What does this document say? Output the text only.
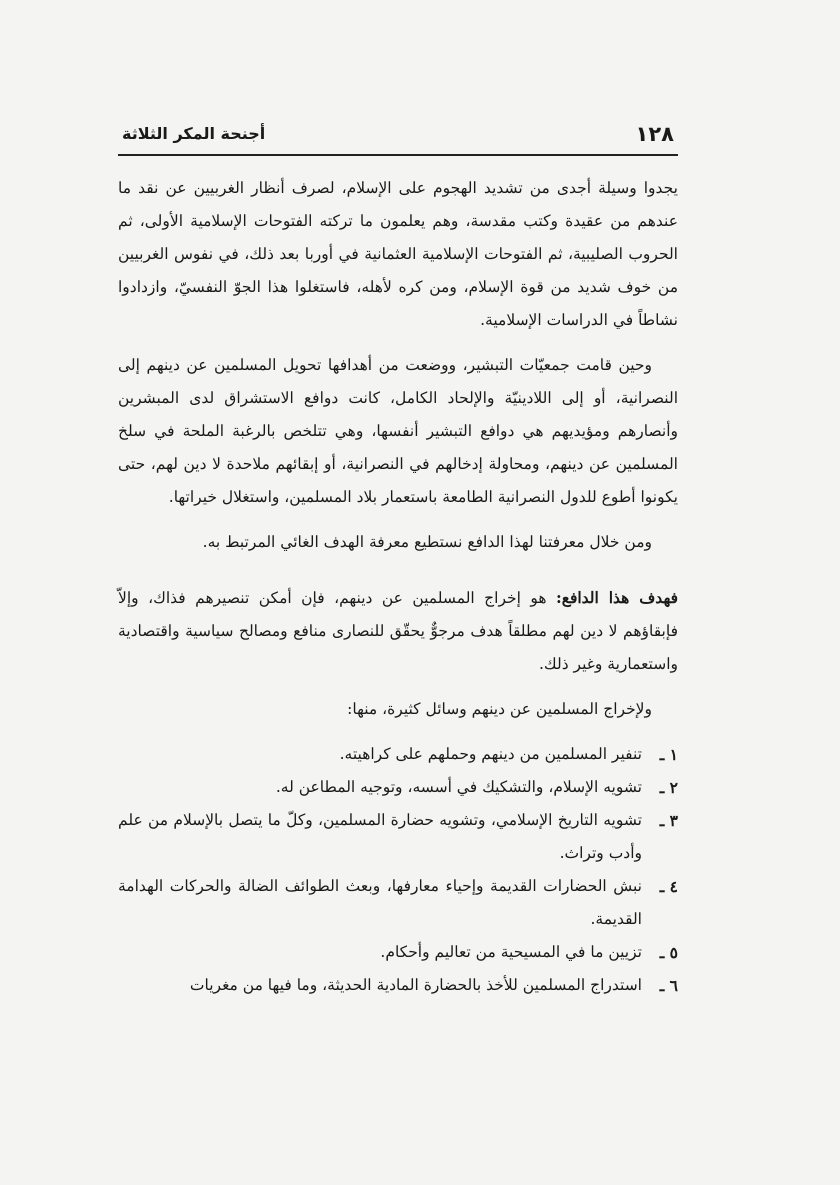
١٢٨
أجنحة المكر الثلاثة

يجدوا وسيلة أجدى من تشديد الهجوم على الإسلام، لصرف أنظار الغربيين عن نقد ما عندهم من عقيدة وكتب مقدسة، وهم يعلمون ما تركته الفتوحات الإسلامية الأولى، ثم الحروب الصليبية، ثم الفتوحات الإسلامية العثمانية في أوربا بعد ذلك، في نفوس الغربيين من خوف شديد من قوة الإسلام، ومن كره لأهله، فاستغلوا هذا الجوّ النفسيّ، وازدادوا نشاطاً في الدراسات الإسلامية.

وحين قامت جمعيّات التبشير، ووضعت من أهدافها تحويل المسلمين عن دينهم إلى النصرانية، أو إلى اللادينيّة والإلحاد الكامل، كانت دوافع الاستشراق لدى المبشرين وأنصارهم ومؤيديهم هي دوافع التبشير أنفسها، وهي تتلخص بالرغبة الملحة في سلخ المسلمين عن دينهم، ومحاولة إدخالهم في النصرانية، أو إبقائهم ملاحدة لا دين لهم، حتى يكونوا أطوع للدول النصرانية الطامعة باستعمار بلاد المسلمين، واستغلال خيراتها.

ومن خلال معرفتنا لهذا الدافع نستطيع معرفة الهدف الغائي المرتبط به.

فهدف هذا الدافع: هو إخراج المسلمين عن دينهم، فإن أمكن تنصيرهم فذاك، وإلاّ فإبقاؤهم لا دين لهم مطلقاً هدف مرجوٌّ يحقّق للنصارى منافع ومصالح سياسية واقتصادية واستعمارية وغير ذلك.

ولإخراج المسلمين عن دينهم وسائل كثيرة، منها:

١ ـ
تنفير المسلمين من دينهم وحملهم على كراهيته.
٢ ـ
تشويه الإسلام، والتشكيك في أسسه، وتوجيه المطاعن له.
٣ ـ
تشويه التاريخ الإسلامي، وتشويه حضارة المسلمين، وكلّ ما يتصل بالإسلام من علم وأدب وتراث.
٤ ـ
نبش الحضارات القديمة وإحياء معارفها، وبعث الطوائف الضالة والحركات الهدامة القديمة.
٥ ـ
تزيين ما في المسيحية من تعاليم وأحكام.
٦ ـ
استدراج المسلمين للأخذ بالحضارة المادية الحديثة، وما فيها من مغريات
